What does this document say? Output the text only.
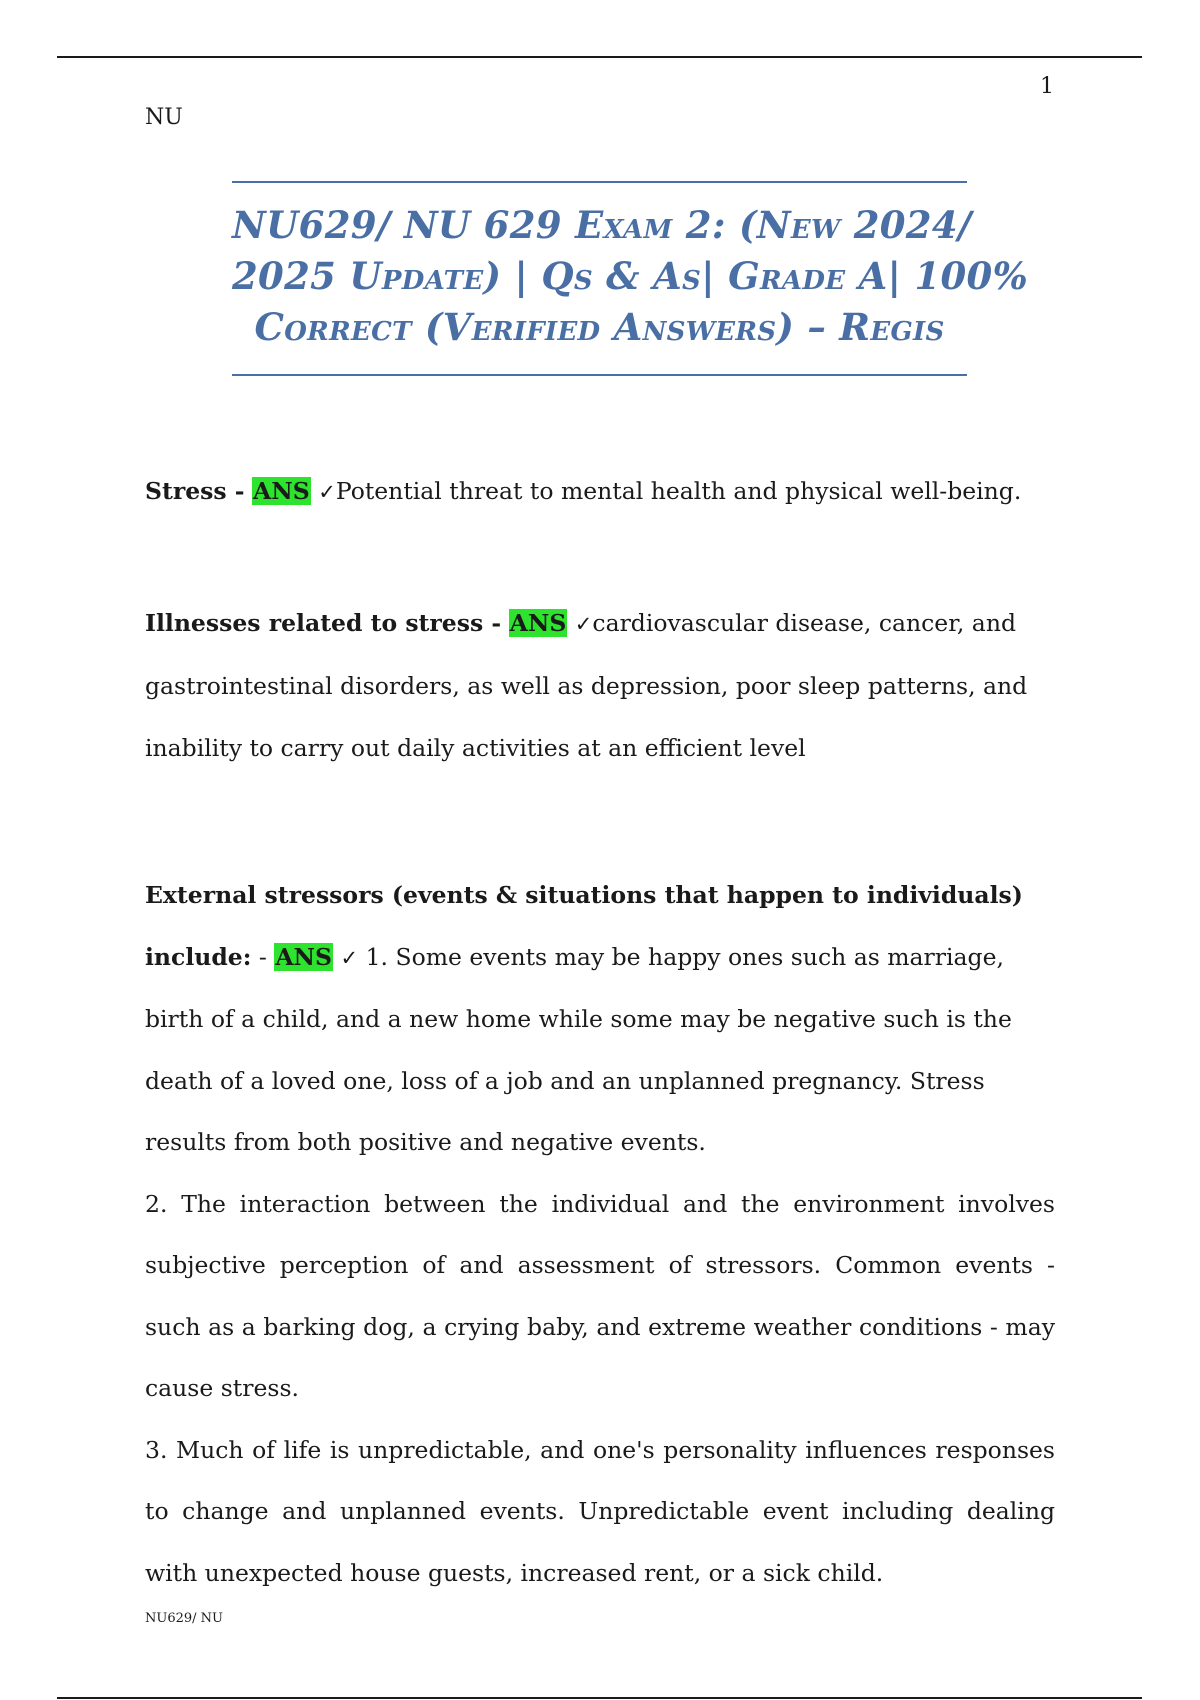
1
NU
NU629/ NU 629 Exam 2: (New 2024/
2025 Update) | Qs & As| Grade A| 100%
Correct (Verified Answers) – Regis

Stress - ANS ✓Potential threat to mental health and physical well-being.

Illnesses related to stress - ANS ✓cardiovascular disease, cancer, and gastrointestinal disorders, as well as depression, poor sleep patterns, and inability to carry out daily activities at an efficient level

External stressors (events & situations that happen to individuals) include: - ANS ✓ 1. Some events may be happy ones such as marriage, birth of a child, and a new home while some may be negative such is the death of a loved one, loss of a job and an unplanned pregnancy. Stress results from both positive and negative events.
2. The interaction between the individual and the environment involves subjective perception of and assessment of stressors. Common events - such as a barking dog, a crying baby, and extreme weather conditions - may cause stress.
3. Much of life is unpredictable, and one's personality influences responses to change and unplanned events. Unpredictable event including dealing with unexpected house guests, increased rent, or a sick child.
NU629/ NU
